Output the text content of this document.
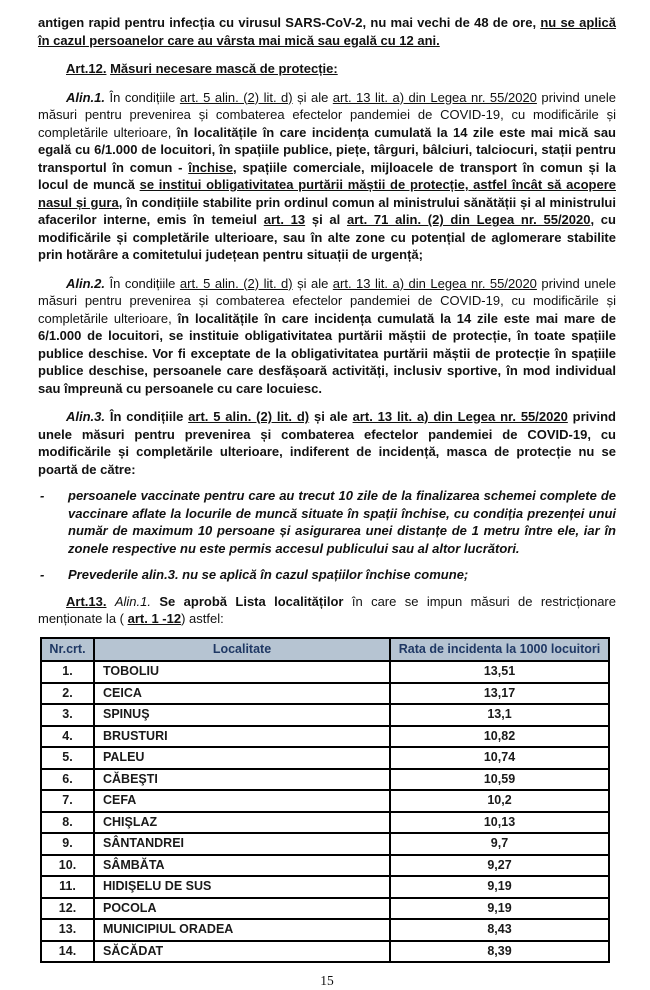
antigen rapid pentru infecția cu virusul SARS-CoV-2, nu mai vechi de 48 de ore, nu se aplică în cazul persoanelor care au vârsta mai mică sau egală cu 12 ani.

Art.12. Măsuri necesare mască de protecție:

Alin.1. În condițiile art. 5 alin. (2) lit. d) și ale art. 13 lit. a) din Legea nr. 55/2020 privind unele măsuri pentru prevenirea și combaterea efectelor pandemiei de COVID-19, cu modificările și completările ulterioare, în localitățile în care incidența cumulată la 14 zile este mai mică sau egală cu 6/1.000 de locuitori, în spațiile publice, piețe, târguri, bâlciuri, talciocuri, stații pentru transportul în comun - închise, spațiile comerciale, mijloacele de transport în comun și la locul de muncă se institui obligativitatea purtării măștii de protecție, astfel încât să acopere nasul și gura, în condițiile stabilite prin ordinul comun al ministrului sănătății și al ministrului afacerilor interne, emis în temeiul art. 13 și al art. 71 alin. (2) din Legea nr. 55/2020, cu modificările și completările ulterioare, sau în alte zone cu potențial de aglomerare stabilite prin hotărâre a comitetului județean pentru situații de urgență;

Alin.2. În condițiile art. 5 alin. (2) lit. d) și ale art. 13 lit. a) din Legea nr. 55/2020 privind unele măsuri pentru prevenirea și combaterea efectelor pandemiei de COVID-19, cu modificările și completările ulterioare, în localitățile în care incidența cumulată la 14 zile este mai mare de 6/1.000 de locuitori, se instituie obligativitatea purtării măștii de protecție, în toate spațiile publice deschise. Vor fi exceptate de la obligativitatea purtării măștii de protecție în spațiile publice deschise, persoanele care desfășoară activități, inclusiv sportive, în mod individual sau împreună cu persoanele cu care locuiesc.

Alin.3. În condițiile art. 5 alin. (2) lit. d) și ale art. 13 lit. a) din Legea nr. 55/2020 privind unele măsuri pentru prevenirea și combaterea efectelor pandemiei de COVID-19, cu modificările și completările ulterioare, indiferent de incidență, masca de protecție nu se poartă de către:

- persoanele vaccinate pentru care au trecut 10 zile de la finalizarea schemei complete de vaccinare aflate la locurile de muncă situate în spații închise, cu condiția prezenței unui număr de maximum 10 persoane și asigurarea unei distanțe de 1 metru între ele, iar în zonele respective nu este permis accesul publicului sau al altor lucrători.

- Prevederile alin.3. nu se aplică în cazul spațiilor închise comune;

Art.13. Alin.1. Se aprobă Lista localităților în care se impun măsuri de restricționare menționate la ( art. 1 -12) astfel:

Nr.crt.	Localitate	Rata de incidenta la 1000 locuitori
1.	TOBOLIU	13,51
2.	CEICA	13,17
3.	SPINUŞ	13,1
4.	BRUSTURI	10,82
5.	PALEU	10,74
6.	CĂBEŞTI	10,59
7.	CEFA	10,2
8.	CHIŞLAZ	10,13
9.	SÂNTANDREI	9,7
10.	SÂMBĂTA	9,27
11.	HIDIŞELU DE SUS	9,19
12.	POCOLA	9,19
13.	MUNICIPIUL ORADEA	8,43
14.	SĂCĂDAT	8,39
15
